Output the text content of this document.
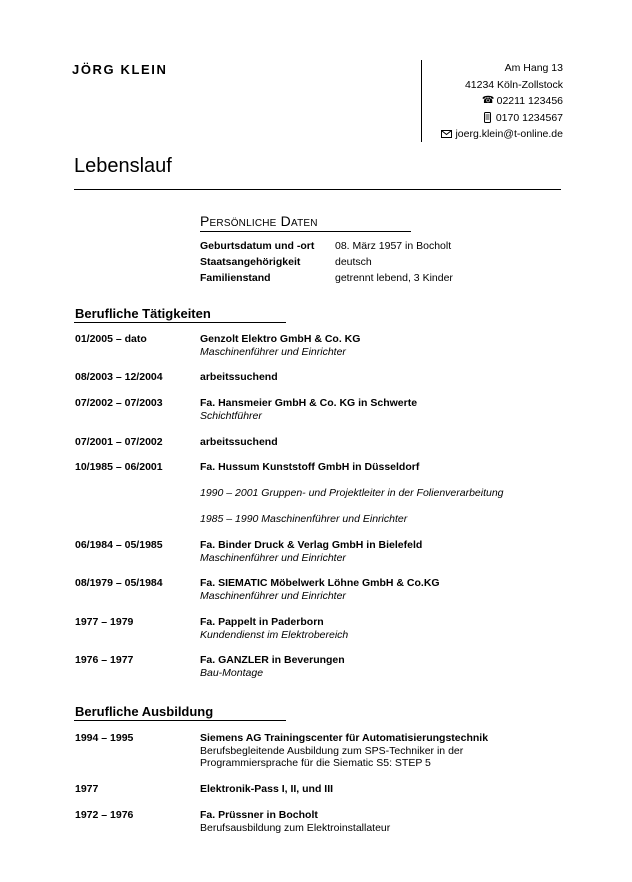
JÖRG KLEIN	Am Hang 13
41234 Köln-Zollstock
☎ 02211 123456
0170 1234567
joerg.klein@t-online.de
Lebenslauf
Persönliche Daten
Geburtsdatum und -ort	08. März 1957 in Bocholt
Staatsangehörigkeit	deutsch
Familienstand	getrennt lebend, 3 Kinder
Berufliche Tätigkeiten
01/2005 – dato	Genzolt Elektro GmbH & Co. KG
Maschinenführer und Einrichter
08/2003 – 12/2004	arbeitssuchend
07/2002 – 07/2003	Fa. Hansmeier GmbH & Co. KG in Schwerte
Schichtführer
07/2001 – 07/2002	arbeitssuchend
10/1985 – 06/2001	Fa. Hussum Kunststoff GmbH in Düsseldorf
1990 – 2001 Gruppen- und Projektleiter in der Folienverarbeitung
1985 – 1990 Maschinenführer und Einrichter
06/1984 – 05/1985	Fa. Binder Druck & Verlag GmbH in Bielefeld
Maschinenführer und Einrichter
08/1979 – 05/1984	Fa. SIEMATIC Möbelwerk Löhne GmbH & Co.KG
Maschinenführer und Einrichter
1977 – 1979	Fa. Pappelt in Paderborn
Kundendienst im Elektrobereich
1976 – 1977	Fa. GANZLER in Beverungen
Bau-Montage
Berufliche Ausbildung
1994 – 1995	Siemens AG Trainingscenter für Automatisierungstechnik
Berufsbegleitende Ausbildung zum SPS-Techniker in der
Programmiersprache für die Siematic S5: STEP 5
1977	Elektronik-Pass I, II, und III
1972 – 1976	Fa. Prüssner in Bocholt
Berufsausbildung zum Elektroinstallateur
